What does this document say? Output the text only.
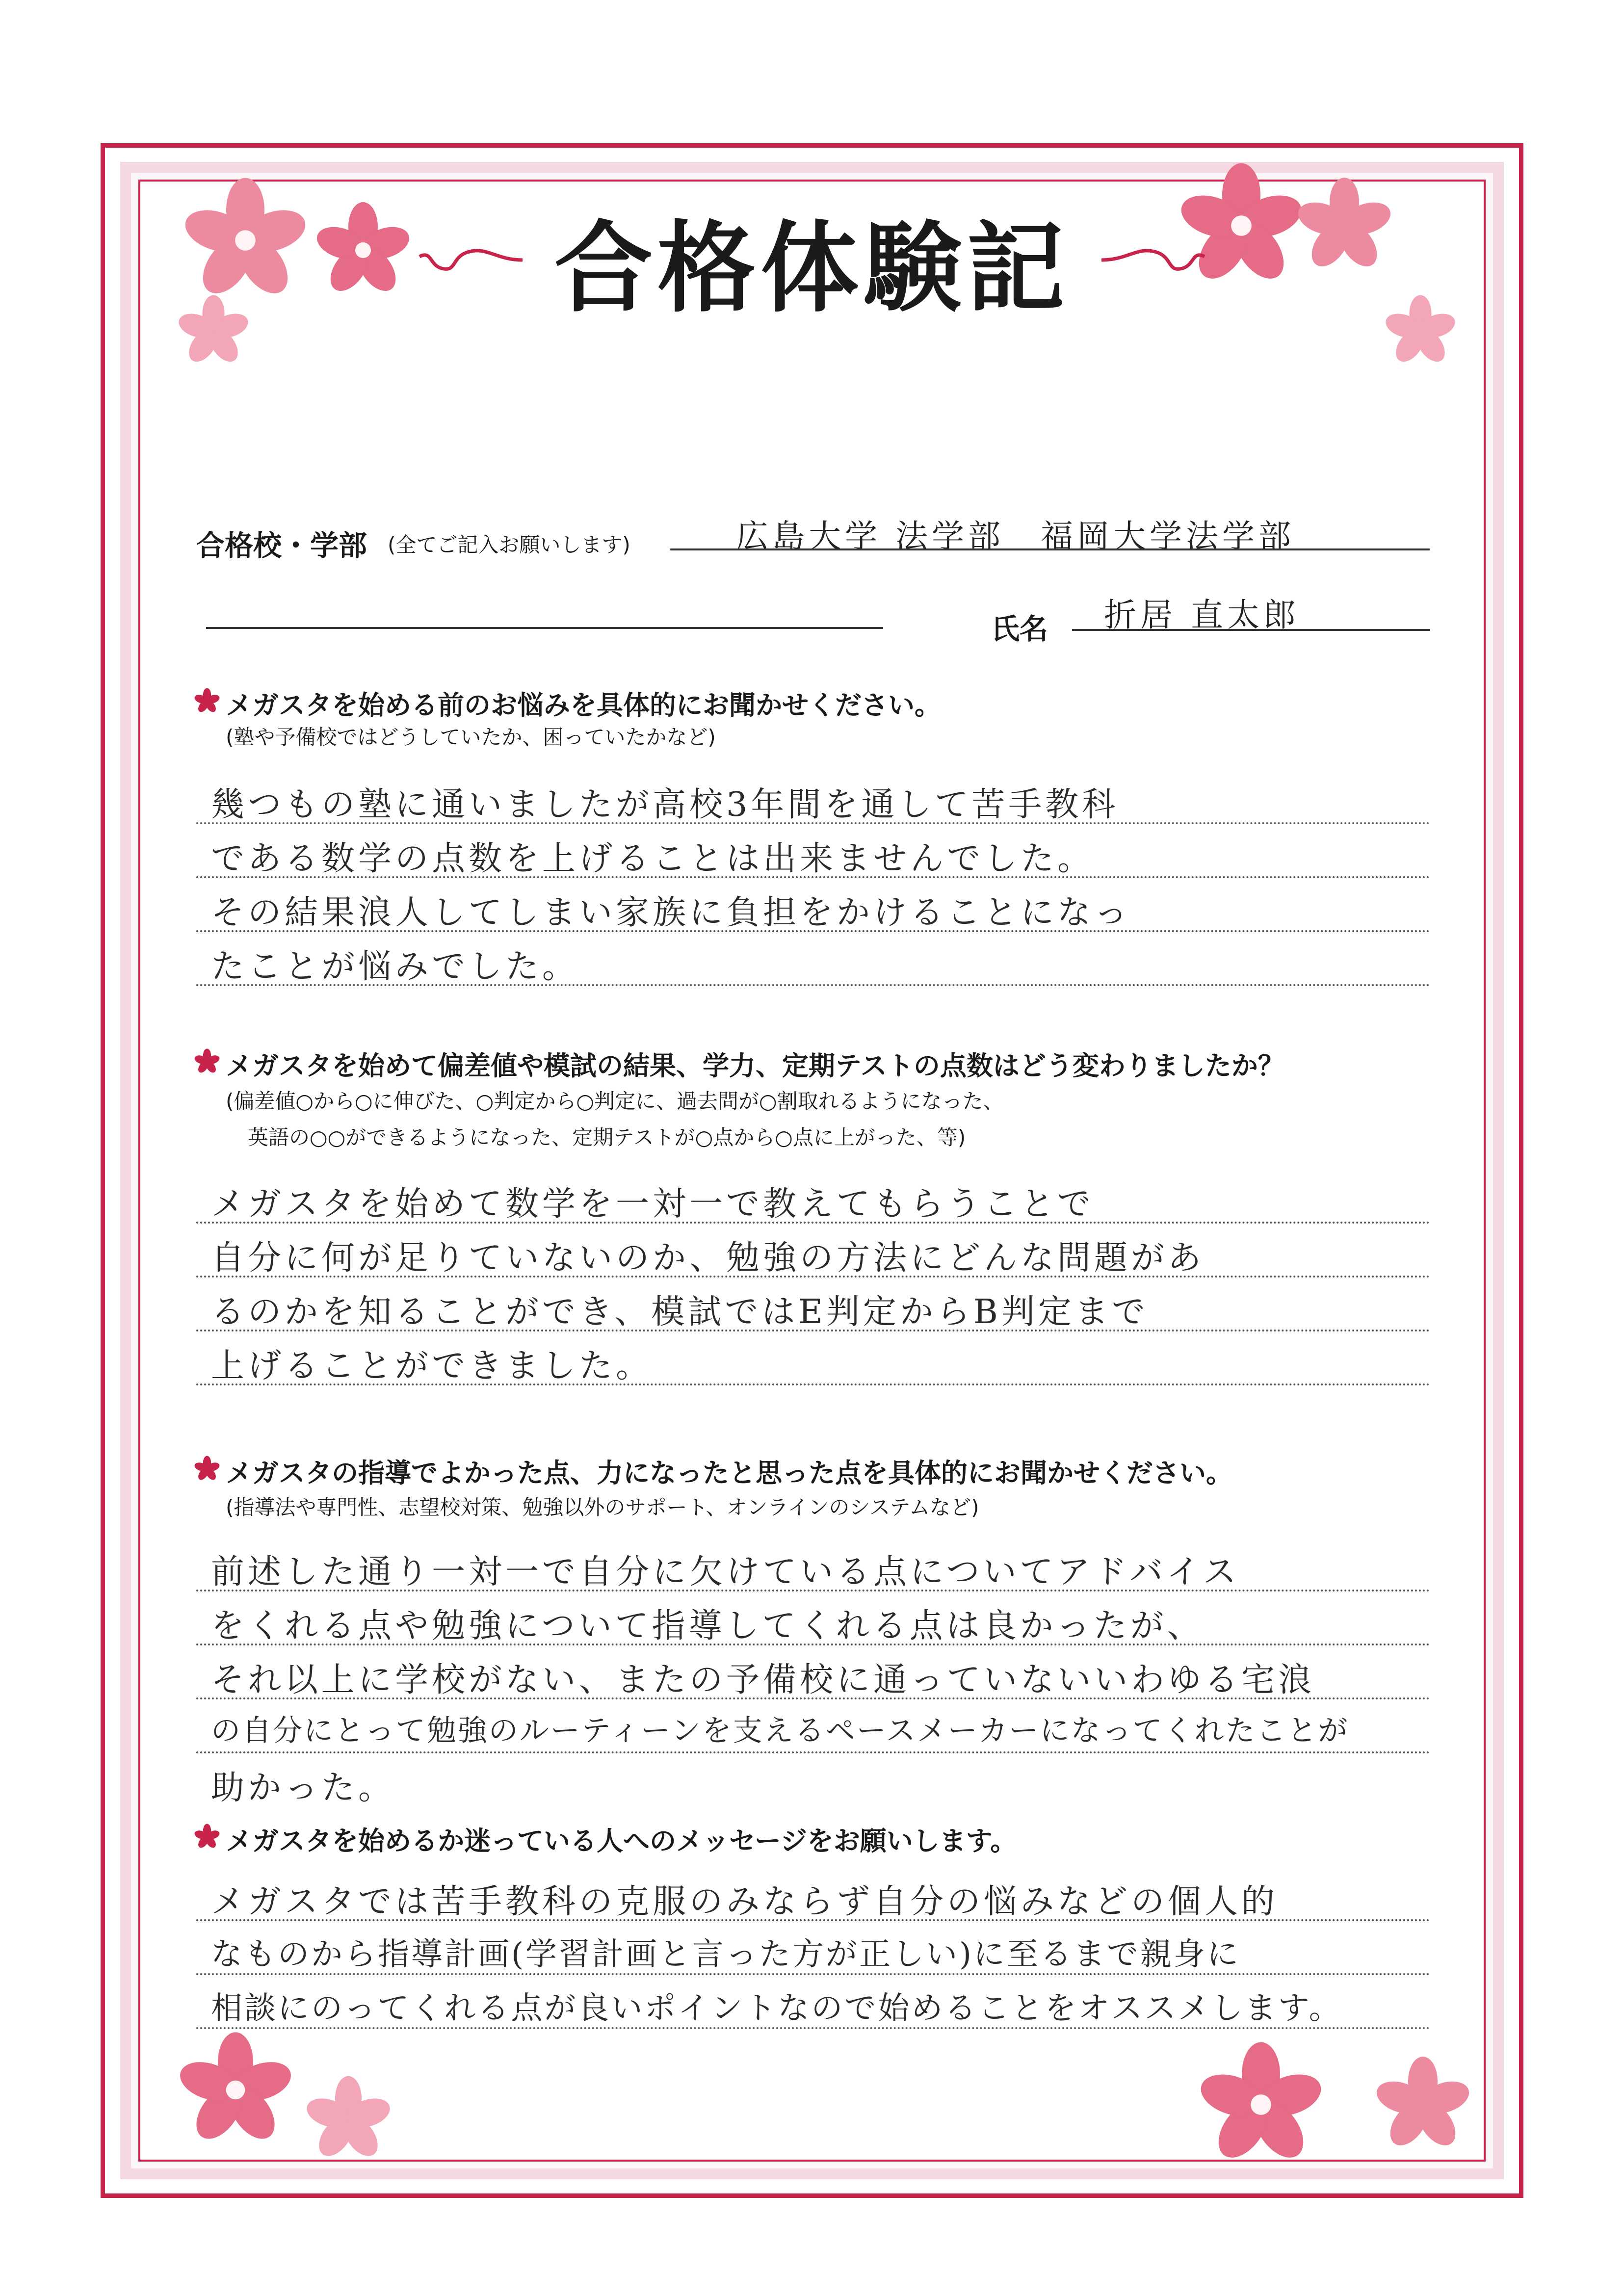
合格体験記
合格校・学部 (全てご記入お願いします)	広島大学 法学部　福岡大学法学部
氏名 折居 直太郎
メガスタを始める前のお悩みを具体的にお聞かせください。
(塾や予備校ではどうしていたか、困っていたかなど)
幾つもの塾に通いましたが高校3年間を通して苦手教科
である数学の点数を上げることは出来ませんでした。
その結果浪人してしまい家族に負担をかけることになっ
たことが悩みでした。
メガスタを始めて偏差値や模試の結果、学力、定期テストの点数はどう変わりましたか？
(偏差値○から○に伸びた、○判定から○判定に、過去問が○割取れるようになった、
英語の○○ができるようになった、定期テストが○点から○点に上がった、等)
メガスタを始めて数学を一対一で教えてもらうことで
自分に何が足りていないのか、勉強の方法にどんな問題があ
るのかを知ることができ、模試ではE判定からB判定まで
上げることができました。
メガスタの指導でよかった点、力になったと思った点を具体的にお聞かせください。
(指導法や専門性、志望校対策、勉強以外のサポート、オンラインのシステムなど)
前述した通り一対一で自分に欠けている点についてアドバイス
をくれる点や勉強について指導してくれる点は良かったが、
それ以上に学校がない、またの予備校に通っていないいわゆる宅浪
の自分にとって勉強のルーティーンを支えるペースメーカーになってくれたことが
助かった。
メガスタを始めるか迷っている人へのメッセージをお願いします。
メガスタでは苦手教科の克服のみならず自分の悩みなどの個人的
なものから指導計画(学習計画と言った方が正しい)に至るまで親身に
相談にのってくれる点が良いポイントなので始めることをオススメします。
